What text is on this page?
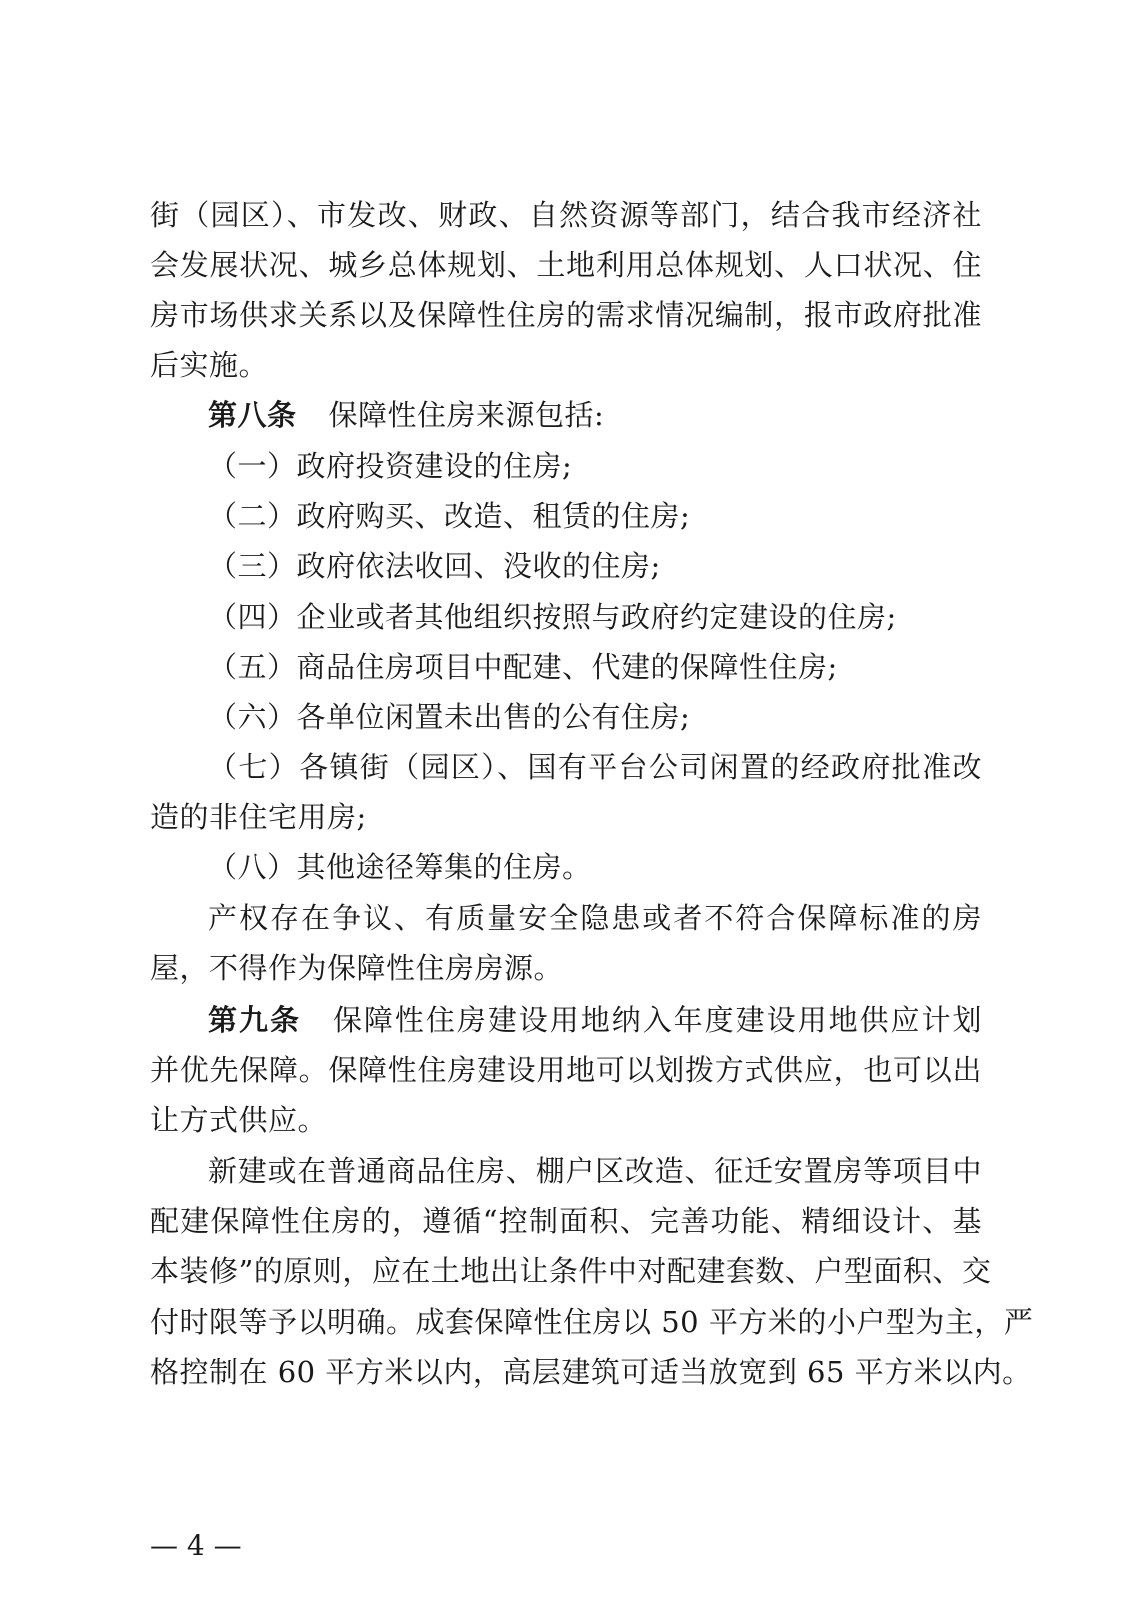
街（园区）、市发改、财政、自然资源等部门，结合我市经济社
会发展状况、城乡总体规划、土地利用总体规划、人口状况、住
房市场供求关系以及保障性住房的需求情况编制，报市政府批准
后实施。
第八条 保障性住房来源包括:
（一）政府投资建设的住房;
（二）政府购买、改造、租赁的住房;
（三）政府依法收回、没收的住房;
（四）企业或者其他组织按照与政府约定建设的住房;
（五）商品住房项目中配建、代建的保障性住房;
（六）各单位闲置未出售的公有住房;
（七）各镇街（园区）、国有平台公司闲置的经政府批准改
造的非住宅用房;
（八）其他途径筹集的住房。
产权存在争议、有质量安全隐患或者不符合保障标准的房
屋，不得作为保障性住房房源。
第九条 保障性住房建设用地纳入年度建设用地供应计划
并优先保障。保障性住房建设用地可以划拨方式供应，也可以出
让方式供应。
新建或在普通商品住房、棚户区改造、征迁安置房等项目中
配建保障性住房的，遵循“控制面积、完善功能、精细设计、基
本装修”的原则，应在土地出让条件中对配建套数、户型面积、交
付时限等予以明确。成套保障性住房以 50 平方米的小户型为主，严
格控制在 60 平方米以内，高层建筑可适当放宽到 65 平方米以内。
— 4 —
